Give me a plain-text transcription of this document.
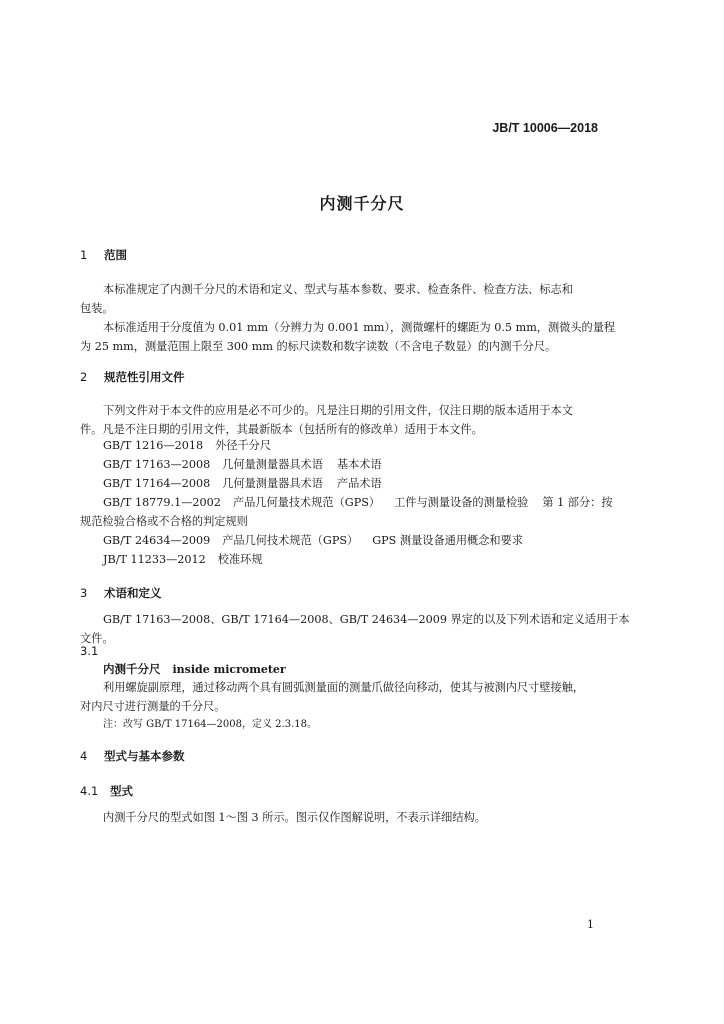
JB/T 10006—2018
内测千分尺
1 范围
本标准规定了内测千分尺的术语和定义、型式与基本参数、要求、检查条件、检查方法、标志和
包装。
本标准适用于分度值为 0.01 mm（分辨力为 0.001 mm），测微螺杆的螺距为 0.5 mm，测微头的量程
为 25 mm，测量范围上限至 300 mm 的标尺读数和数字读数（不含电子数显）的内测千分尺。
2 规范性引用文件
下列文件对于本文件的应用是必不可少的。凡是注日期的引用文件，仅注日期的版本适用于本文
件。凡是不注日期的引用文件，其最新版本（包括所有的修改单）适用于本文件。
GB/T 1216—2018 外径千分尺
GB/T 17163—2008 几何量测量器具术语 基本术语
GB/T 17164—2008 几何量测量器具术语 产品术语
GB/T 18779.1—2002 产品几何量技术规范（GPS） 工件与测量设备的测量检验 第 1 部分：按
规范检验合格或不合格的判定规则
GB/T 24634—2009 产品几何技术规范（GPS） GPS 测量设备通用概念和要求
JB/T 11233—2012 校准环规
3 术语和定义
GB/T 17163—2008、GB/T 17164—2008、GB/T 24634—2009 界定的以及下列术语和定义适用于本
文件。
3.1
内测千分尺 inside micrometer
利用螺旋副原理，通过移动两个具有圆弧测量面的测量爪做径向移动，使其与被测内尺寸壁接触，
对内尺寸进行测量的千分尺。
注：改写 GB/T 17164—2008，定义 2.3.18。
4 型式与基本参数
4.1 型式
内测千分尺的型式如图 1～图 3 所示。图示仅作图解说明，不表示详细结构。
1
